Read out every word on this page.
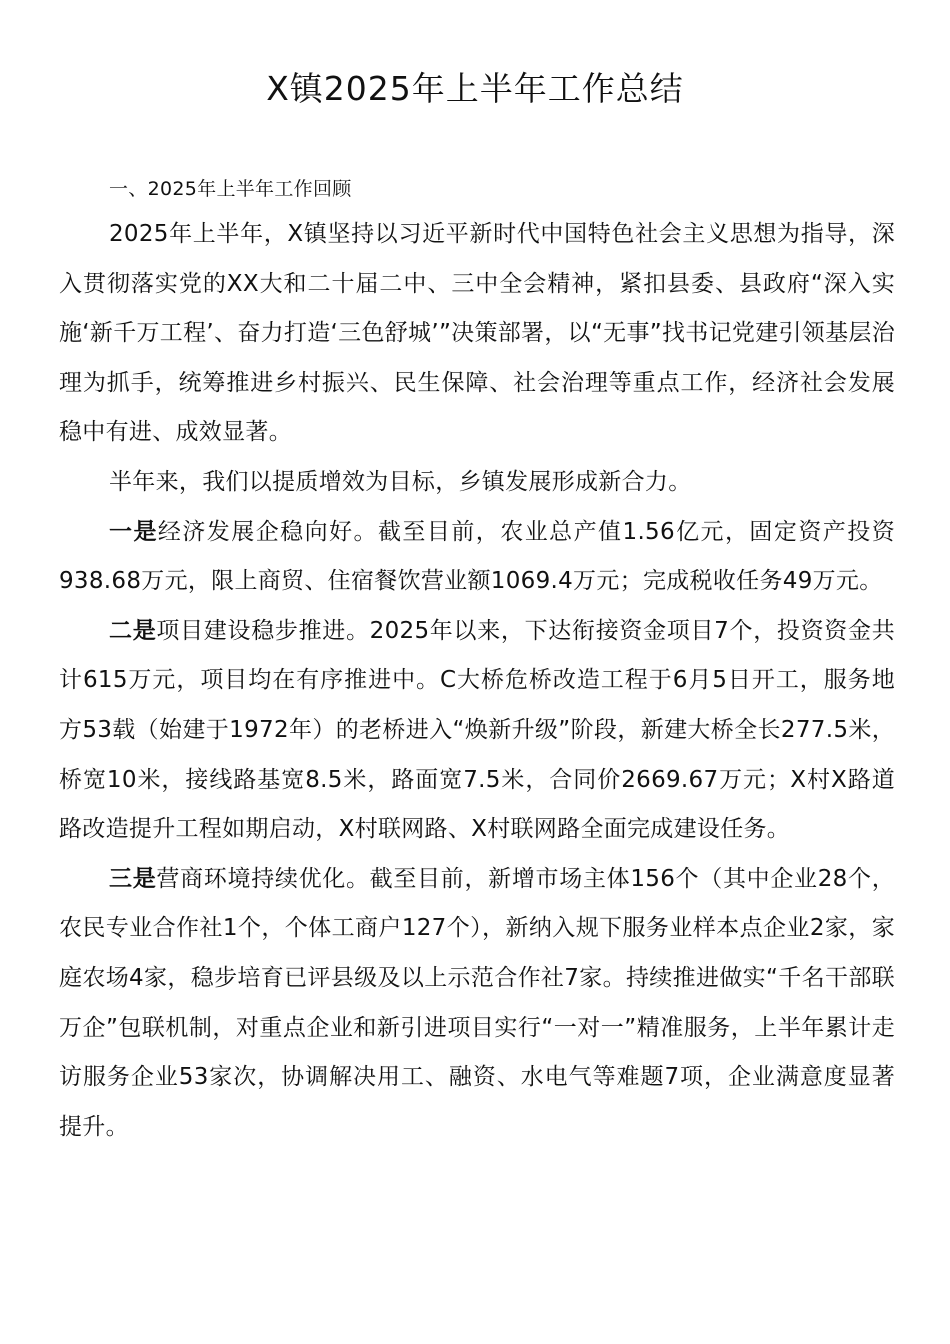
X镇2025年上半年工作总结

一、2025年上半年工作回顾

2025年上半年，X镇坚持以习近平新时代中国特色社会主义思想为指导，深入贯彻落实党的XX大和二十届二中、三中全会精神，紧扣县委、县政府“深入实施‘新千万工程’、奋力打造‘三色舒城’”决策部署，以“无事”找书记党建引领基层治理为抓手，统筹推进乡村振兴、民生保障、社会治理等重点工作，经济社会发展稳中有进、成效显著。

半年来，我们以提质增效为目标，乡镇发展形成新合力。

一是经济发展企稳向好。截至目前，农业总产值1.56亿元，固定资产投资938.68万元，限上商贸、住宿餐饮营业额1069.4万元；完成税收任务49万元。

二是项目建设稳步推进。2025年以来，下达衔接资金项目7个，投资资金共计615万元，项目均在有序推进中。C大桥危桥改造工程于6月5日开工，服务地方53载（始建于1972年）的老桥进入“焕新升级”阶段，新建大桥全长277.5米，桥宽10米，接线路基宽8.5米，路面宽7.5米，合同价2669.67万元；X村X路道路改造提升工程如期启动，X村联网路、X村联网路全面完成建设任务。

三是营商环境持续优化。截至目前，新增市场主体156个（其中企业28个，农民专业合作社1个，个体工商户127个），新纳入规下服务业样本点企业2家，家庭农场4家，稳步培育已评县级及以上示范合作社7家。持续推进做实“千名干部联万企”包联机制，对重点企业和新引进项目实行“一对一”精准服务，上半年累计走访服务企业53家次，协调解决用工、融资、水电气等难题7项，企业满意度显著提升。
